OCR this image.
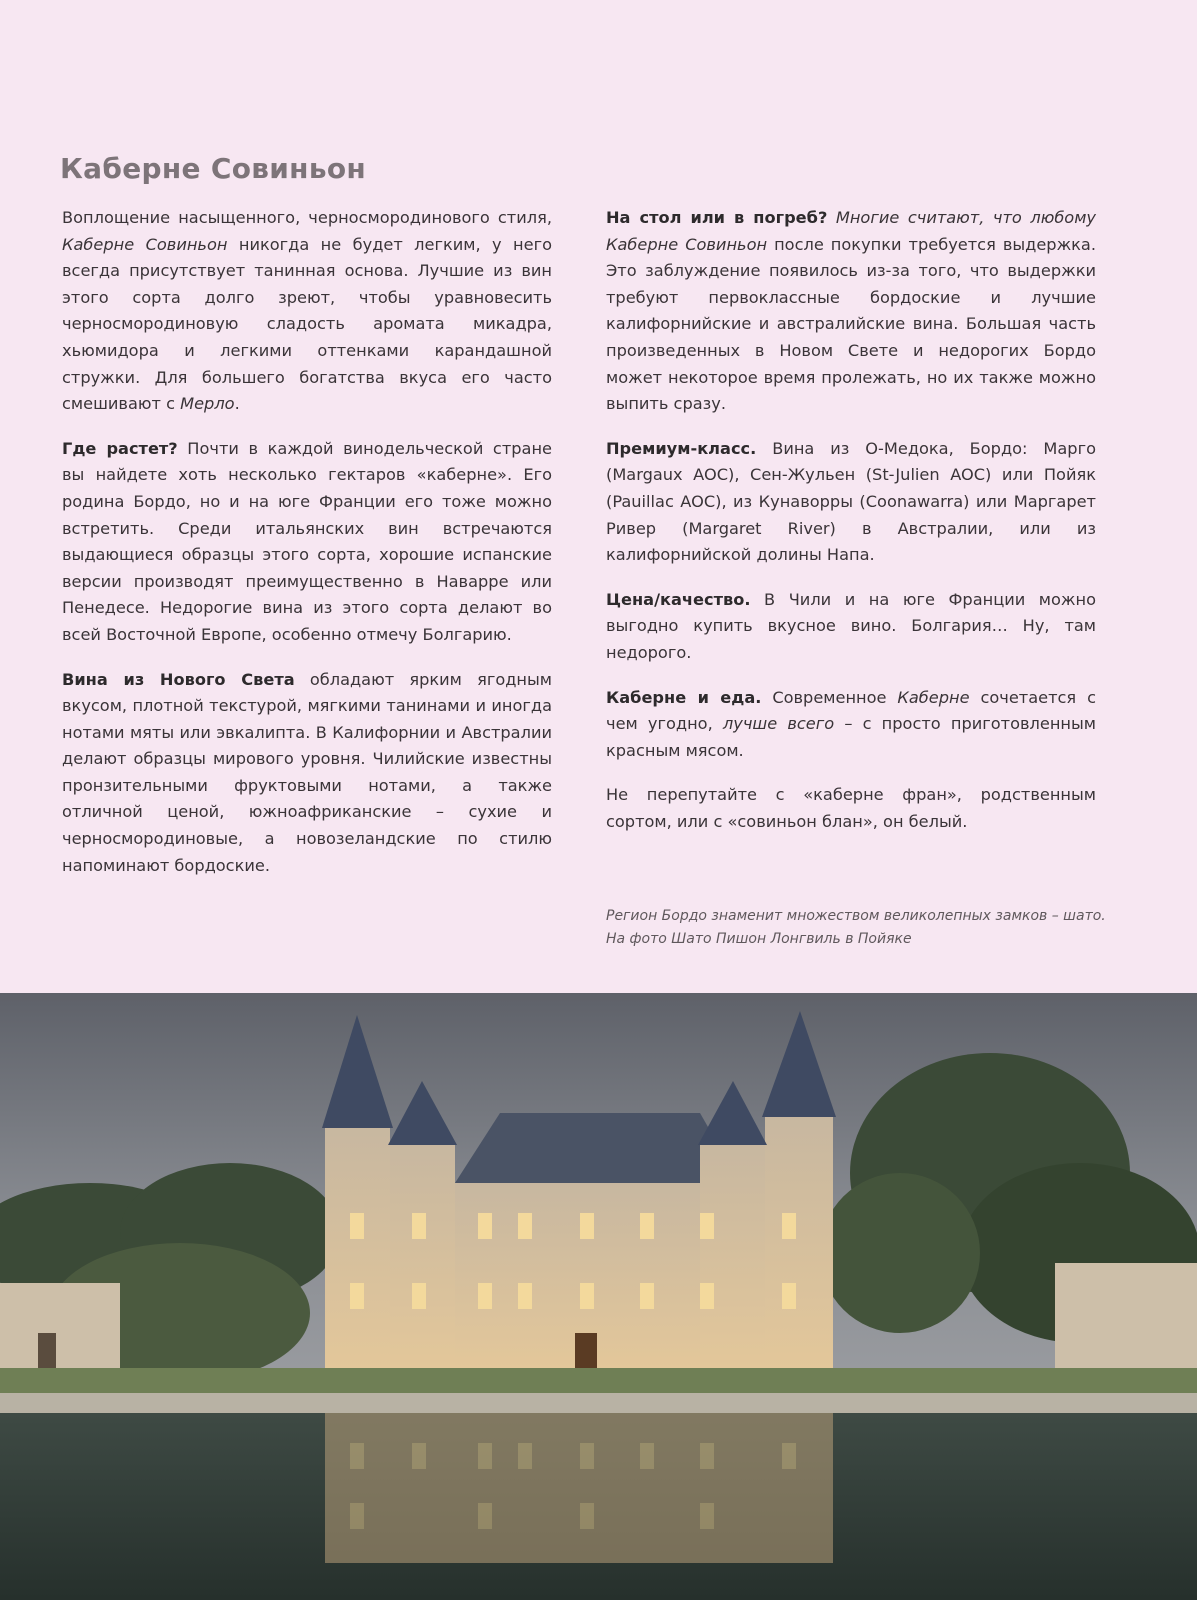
Каберне Совиньон

Воплощение насыщенного, черносмородинового стиля, Каберне Совиньон никогда не будет легким, у него всегда присутствует танинная основа. Лучшие из вин этого сорта долго зреют, чтобы уравновесить черносмородиновую сладость аромата микадра, хьюмидора и легкими оттенками карандашной стружки. Для большего богатства вкуса его часто смешивают с Мерло.

Где растет? Почти в каждой винодельческой стране вы найдете хоть несколько гектаров «каберне». Его родина Бордо, но и на юге Франции его тоже можно встретить. Среди итальянских вин встречаются выдающиеся образцы этого сорта, хорошие испанские версии производят преимущественно в Наварре или Пенедесе. Недорогие вина из этого сорта делают во всей Восточной Европе, особенно отмечу Болгарию.

Вина из Нового Света обладают ярким ягодным вкусом, плотной текстурой, мягкими танинами и иногда нотами мяты или эвкалипта. В Калифорнии и Австралии делают образцы мирового уровня. Чилийские известны пронзительными фруктовыми нотами, а также отличной ценой, южноафриканские – сухие и черносмородиновые, а новозеландские по стилю напоминают бордоские.

На стол или в погреб? Многие считают, что любому Каберне Совиньон после покупки требуется выдержка. Это заблуждение появилось из-за того, что выдержки требуют первоклассные бордоские и лучшие калифорнийские и австралийские вина. Большая часть произведенных в Новом Свете и недорогих Бордо может некоторое время пролежать, но их также можно выпить сразу.

Премиум-класс. Вина из О-Медока, Бордо: Марго (Margaux AOC), Сен-Жульен (St-Julien AOC) или Пойяк (Pauillac AOC), из Кунаворры (Coonawarra) или Маргарет Ривер (Margaret River) в Австралии, или из калифорнийской долины Напа.

Цена/качество. В Чили и на юге Франции можно выгодно купить вкусное вино. Болгария… Ну, там недорого.

Каберне и еда. Современное Каберне сочетается с чем угодно, лучше всего – с просто приготовленным красным мясом.

Не перепутайте с «каберне фран», родственным сортом, или с «совиньон блан», он белый.

Регион Бордо знаменит множеством великолепных замков – шато. На фото Шато Пишон Лонгвиль в Пойяке
